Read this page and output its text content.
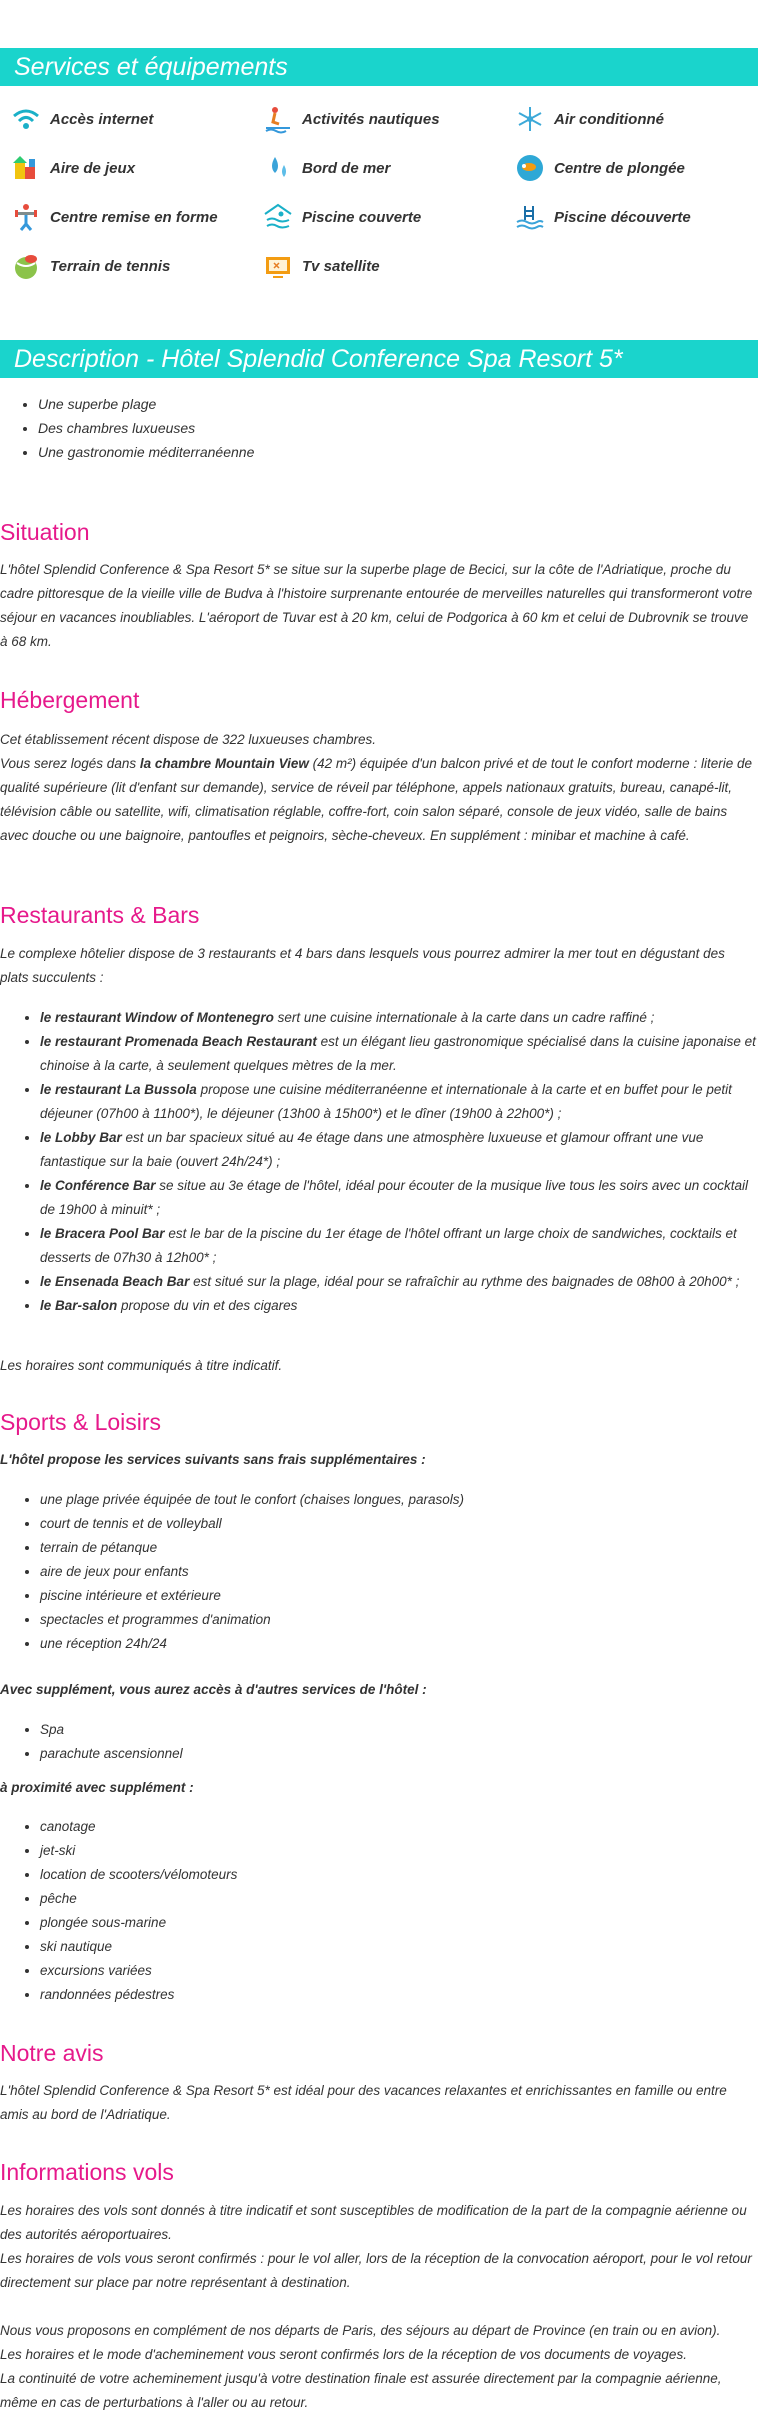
Services et équipements
Accès internet	Activités nautiques	Air conditionné
Aire de jeux	Bord de mer	Centre de plongée
Centre remise en forme	Piscine couverte	Piscine découverte
Terrain de tennis	Tv satellite
Description - Hôtel Splendid Conference Spa Resort 5*
• Une superbe plage
• Des chambres luxueuses
• Une gastronomie méditerranéenne
Situation

L'hôtel Splendid Conference & Spa Resort 5* se situe sur la superbe plage de Becici, sur la côte de l'Adriatique, proche du cadre pittoresque de la vieille ville de Budva à l'histoire surprenante entourée de merveilles naturelles qui transformeront votre séjour en vacances inoubliables. L'aéroport de Tuvar est à 20 km, celui de Podgorica à 60 km et celui de Dubrovnik se trouve à 68 km.

Hébergement

Cet établissement récent dispose de 322 luxueuses chambres.
Vous serez logés dans la chambre Mountain View (42 m²) équipée d'un balcon privé et de tout le confort moderne : literie de qualité supérieure (lit d'enfant sur demande), service de réveil par téléphone, appels nationaux gratuits, bureau, canapé-lit, télévision câble ou satellite, wifi, climatisation réglable, coffre-fort, coin salon séparé, console de jeux vidéo, salle de bains avec douche ou une baignoire, pantoufles et peignoirs, sèche-cheveux. En supplément : minibar et machine à café.

Restaurants & Bars

Le complexe hôtelier dispose de 3 restaurants et 4 bars dans lesquels vous pourrez admirer la mer tout en dégustant des plats succulents :

• le restaurant Window of Montenegro sert une cuisine internationale à la carte dans un cadre raffiné ;
• le restaurant Promenada Beach Restaurant est un élégant lieu gastronomique spécialisé dans la cuisine japonaise et chinoise à la carte, à seulement quelques mètres de la mer.
• le restaurant La Bussola propose une cuisine méditerranéenne et internationale à la carte et en buffet pour le petit déjeuner (07h00 à 11h00*), le déjeuner (13h00 à 15h00*) et le dîner (19h00 à 22h00*) ;
• le Lobby Bar est un bar spacieux situé au 4e étage dans une atmosphère luxueuse et glamour offrant une vue fantastique sur la baie (ouvert 24h/24*) ;
• le Conférence Bar se situe au 3e étage de l'hôtel, idéal pour écouter de la musique live tous les soirs avec un cocktail de 19h00 à minuit* ;
• le Bracera Pool Bar est le bar de la piscine du 1er étage de l'hôtel offrant un large choix de sandwiches, cocktails et desserts de 07h30 à 12h00* ;
• le Ensenada Beach Bar est situé sur la plage, idéal pour se rafraîchir au rythme des baignades de 08h00 à 20h00* ;
• le Bar-salon propose du vin et des cigares

Les horaires sont communiqués à titre indicatif.

Sports & Loisirs

L'hôtel propose les services suivants sans frais supplémentaires :

• une plage privée équipée de tout le confort (chaises longues, parasols)
• court de tennis et de volleyball
• terrain de pétanque
• aire de jeux pour enfants
• piscine intérieure et extérieure
• spectacles et programmes d'animation
• une réception 24h/24

Avec supplément, vous aurez accès à d'autres services de l'hôtel :

• Spa
• parachute ascensionnel

à proximité avec supplément :

• canotage
• jet-ski
• location de scooters/vélomoteurs
• pêche
• plongée sous-marine
• ski nautique
• excursions variées
• randonnées pédestres
Notre avis

L'hôtel Splendid Conference & Spa Resort 5* est idéal pour des vacances relaxantes et enrichissantes en famille ou entre amis au bord de l'Adriatique.

Informations vols
Les horaires des vols sont donnés à titre indicatif et sont susceptibles de modification de la part de la compagnie aérienne ou des autorités aéroportuaires.
Les horaires de vols vous seront confirmés : pour le vol aller, lors de la réception de la convocation aéroport, pour le vol retour directement sur place par notre représentant à destination.
Nous vous proposons en complément de nos départs de Paris, des séjours au départ de Province (en train ou en avion).
Les horaires et le mode d'acheminement vous seront confirmés lors de la réception de vos documents de voyages.
La continuité de votre acheminement jusqu'à votre destination finale est assurée directement par la compagnie aérienne, même en cas de perturbations à l'aller ou au retour.
